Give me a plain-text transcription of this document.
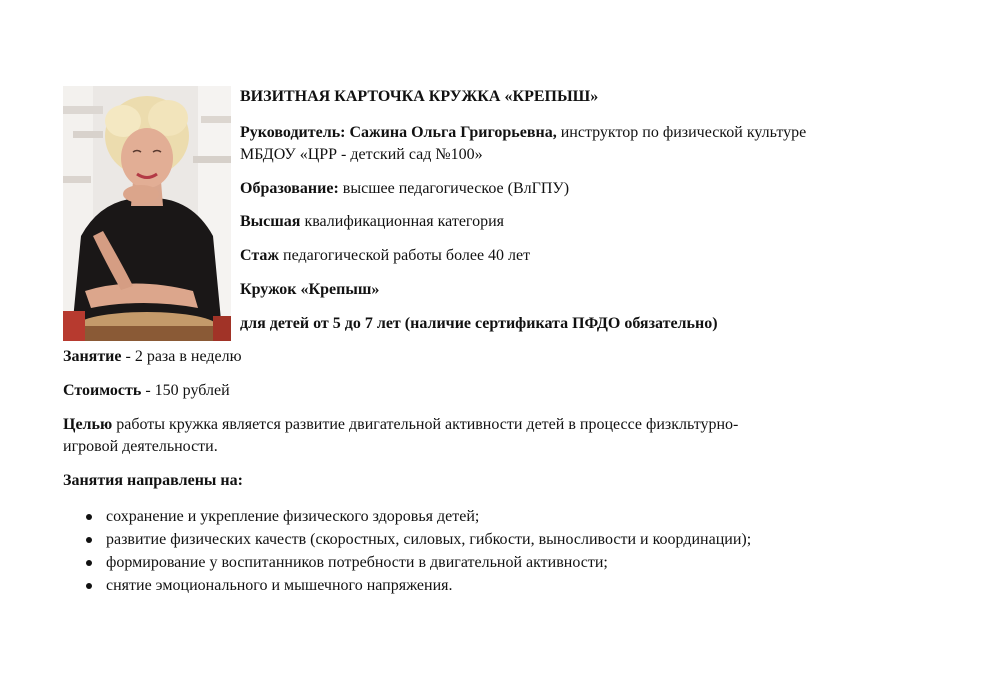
ВИЗИТНАЯ КАРТОЧКА КРУЖКА «КРЕПЫШ»

Руководитель: Сажина Ольга Григорьевна, инструктор по физической культуре

МБДОУ «ЦРР - детский сад №100»

Образование: высшее педагогическое (ВлГПУ)

Высшая квалификационная категория

Стаж педагогической работы более 40 лет

Кружок «Крепыш»

для детей от 5 до 7 лет (наличие сертификата ПФДО обязательно)

Занятие - 2 раза в неделю

Стоимость - 150 рублей

Целью работы кружка является развитие двигательной активности детей в процессе физкльтурно-

игровой деятельности.

Занятия направлены на:

сохранение и укрепление физического здоровья детей;
развитие физических качеств (скоростных, силовых, гибкости, выносливости и координации);
формирование у воспитанников потребности в двигательной активности;
снятие эмоционального и мышечного напряжения.
